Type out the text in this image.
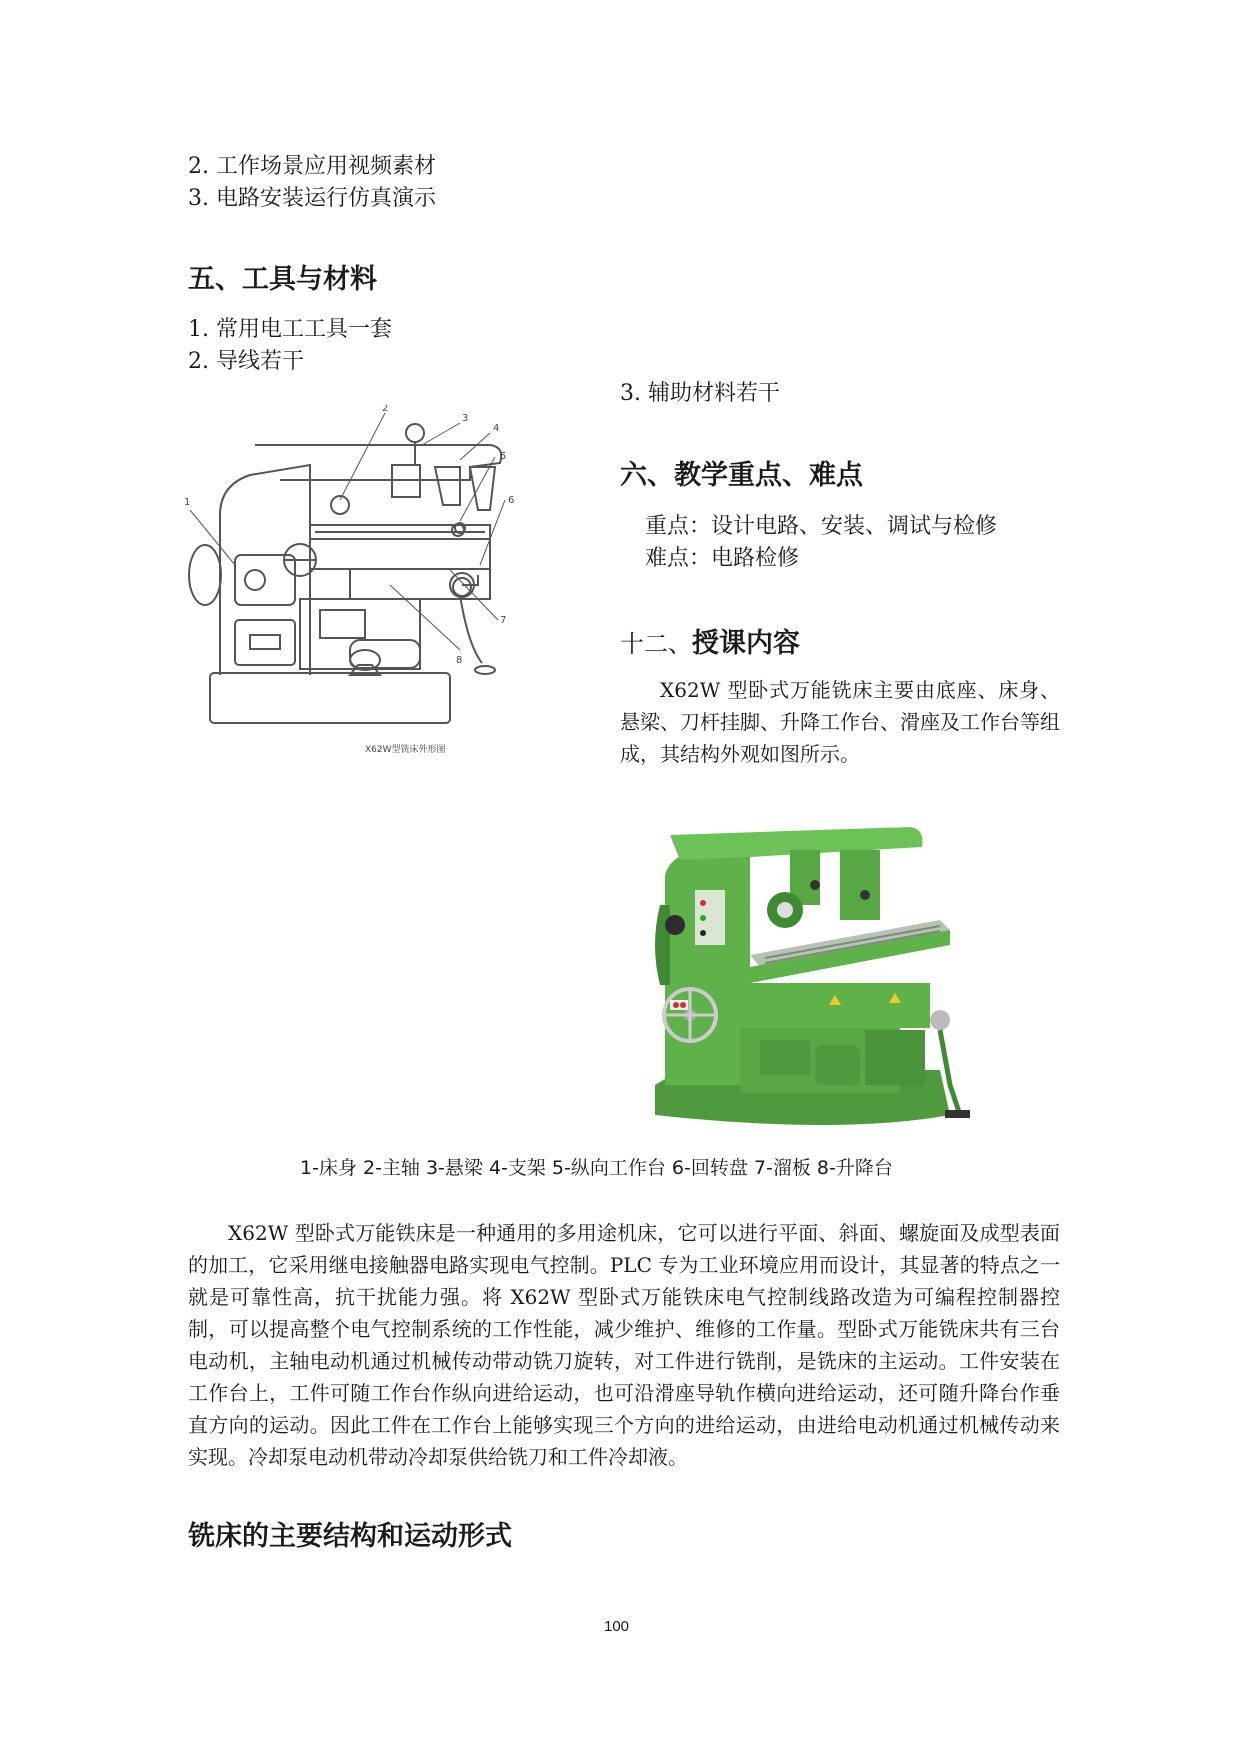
2. 工作场景应用视频素材
3. 电路安装运行仿真演示
五、工具与材料
1. 常用电工工具一套
2. 导线若干
3. 辅助材料若干
1
2
3
4
5
6
7
8
X62W型铣床外形图
六、教学重点、难点
重点：设计电路、安装、调试与检修
难点：电路检修
十二、授课内容
X62W 型卧式万能铣床主要由底座、床身、悬梁、刀杆挂脚、升降工作台、滑座及工作台等组成，其结构外观如图所示。
1-床身 2-主轴 3-悬梁 4-支架 5-纵向工作台 6-回转盘 7-溜板 8-升降台
X62W 型卧式万能铁床是一种通用的多用途机床，它可以进行平面、斜面、螺旋面及成型表面的加工，它采用继电接触器电路实现电气控制。PLC 专为工业环境应用而设计，其显著的特点之一就是可靠性高，抗干扰能力强。将 X62W 型卧式万能铁床电气控制线路改造为可编程控制器控制，可以提高整个电气控制系统的工作性能，减少维护、维修的工作量。型卧式万能铣床共有三台电动机，主轴电动机通过机械传动带动铣刀旋转，对工件进行铣削，是铣床的主运动。工件安装在工作台上，工件可随工作台作纵向进给运动，也可沿滑座导轨作横向进给运动，还可随升降台作垂直方向的运动。因此工件在工作台上能够实现三个方向的进给运动，由进给电动机通过机械传动来实现。冷却泵电动机带动冷却泵供给铣刀和工件冷却液。
铣床的主要结构和运动形式
100
